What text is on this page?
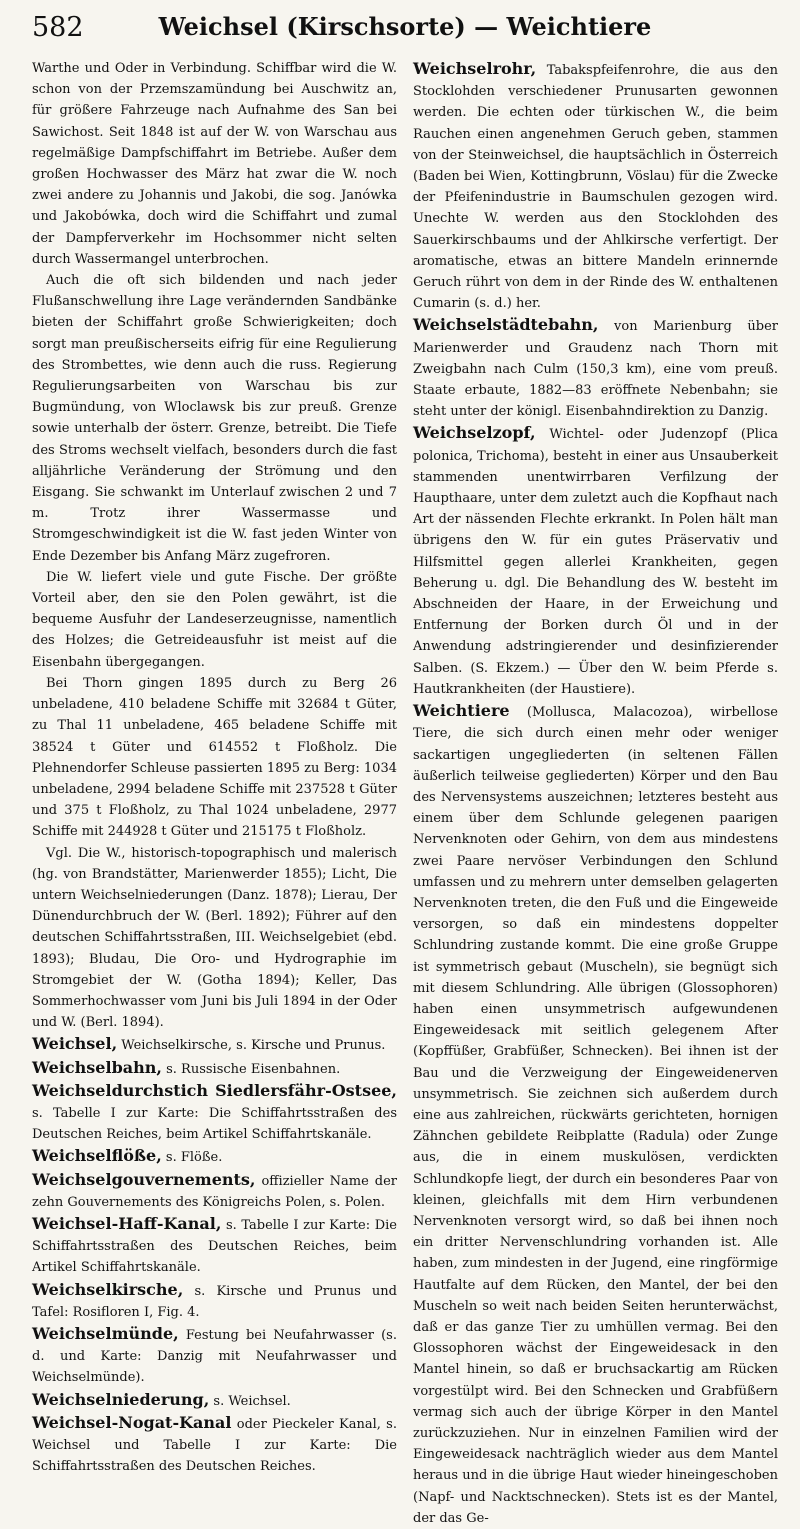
582	Weichsel (Kirschsorte) — Weichtiere

Warthe und Oder in Verbindung. Schiffbar wird die W. schon von der Przemszamündung bei Auschwitz an, für größere Fahrzeuge nach Aufnahme des San bei Sawichost. Seit 1848 ist auf der W. von Warschau aus regelmäßige Dampfschiffahrt im Betriebe. Außer dem großen Hochwasser des März hat zwar die W. noch zwei andere zu Johannis und Jakobi, die sog. Janówka und Jakobówka, doch wird die Schiffahrt und zumal der Dampferverkehr im Hochsommer nicht selten durch Wassermangel unterbrochen.

Auch die oft sich bildenden und nach jeder Flußanschwellung ihre Lage verändernden Sandbänke bieten der Schiffahrt große Schwierigkeiten; doch sorgt man preußischerseits eifrig für eine Regulierung des Strombettes, wie denn auch die russ. Regierung Regulierungsarbeiten von Warschau bis zur Bugmündung, von Wloclawsk bis zur preuß. Grenze sowie unterhalb der österr. Grenze, betreibt. Die Tiefe des Stroms wechselt vielfach, besonders durch die fast alljährliche Veränderung der Strömung und den Eisgang. Sie schwankt im Unterlauf zwischen 2 und 7 m. Trotz ihrer Wassermasse und Stromgeschwindigkeit ist die W. fast jeden Winter von Ende Dezember bis Anfang März zugefroren.

Die W. liefert viele und gute Fische. Der größte Vorteil aber, den sie den Polen gewährt, ist die bequeme Ausfuhr der Landeserzeugnisse, namentlich des Holzes; die Getreideausfuhr ist meist auf die Eisenbahn übergegangen.

Bei Thorn gingen 1895 durch zu Berg 26 unbeladene, 410 beladene Schiffe mit 32684 t Güter, zu Thal 11 unbeladene, 465 beladene Schiffe mit 38524 t Güter und 614552 t Floßholz. Die Plehnendorfer Schleuse passierten 1895 zu Berg: 1034 unbeladene, 2994 beladene Schiffe mit 237528 t Güter und 375 t Floßholz, zu Thal 1024 unbeladene, 2977 Schiffe mit 244928 t Güter und 215175 t Floßholz.

Vgl. Die W., historisch-topographisch und malerisch (hg. von Brandstätter, Marienwerder 1855); Licht, Die untern Weichselniederungen (Danz. 1878); Lierau, Der Dünendurchbruch der W. (Berl. 1892); Führer auf den deutschen Schiffahrtsstraßen, III. Weichselgebiet (ebd. 1893); Bludau, Die Oro- und Hydrographie im Stromgebiet der W. (Gotha 1894); Keller, Das Sommerhochwasser vom Juni bis Juli 1894 in der Oder und W. (Berl. 1894).

Weichsel, Weichselkirsche, s. Kirsche und Prunus.

Weichselbahn, s. Russische Eisenbahnen.

Weichseldurchstich Siedlersfähr-Ostsee, s. Tabelle I zur Karte: Die Schiffahrtsstraßen des Deutschen Reiches, beim Artikel Schiffahrtskanäle.

Weichselflöße, s. Flöße.

Weichselgouvernements, offizieller Name der zehn Gouvernements des Königreichs Polen, s. Polen.

Weichsel-Haff-Kanal, s. Tabelle I zur Karte: Die Schiffahrtsstraßen des Deutschen Reiches, beim Artikel Schiffahrtskanäle.

Weichselkirsche, s. Kirsche und Prunus und Tafel: Rosifloren I, Fig. 4.

Weichselmünde, Festung bei Neufahrwasser (s. d. und Karte: Danzig mit Neufahrwasser und Weichselmünde).

Weichselniederung, s. Weichsel.

Weichsel-Nogat-Kanal oder Pieckeler Kanal, s. Weichsel und Tabelle I zur Karte: Die Schiffahrtsstraßen des Deutschen Reiches.

Weichselrohr, Tabakspfeifenrohre, die aus den Stocklohden verschiedener Prunusarten gewonnen werden. Die echten oder türkischen W., die beim Rauchen einen angenehmen Geruch geben, stammen von der Steinweichsel, die hauptsächlich in Österreich (Baden bei Wien, Kottingbrunn, Vöslau) für die Zwecke der Pfeifenindustrie in Baumschulen gezogen wird. Unechte W. werden aus den Stocklohden des Sauerkirschbaums und der Ahlkirsche verfertigt. Der aromatische, etwas an bittere Mandeln erinnernde Geruch rührt von dem in der Rinde des W. enthaltenen Cumarin (s. d.) her.

Weichselstädtebahn, von Marienburg über Marienwerder und Graudenz nach Thorn mit Zweigbahn nach Culm (150,3 km), eine vom preuß. Staate erbaute, 1882—83 eröffnete Nebenbahn; sie steht unter der königl. Eisenbahndirektion zu Danzig.

Weichselzopf, Wichtel- oder Judenzopf (Plica polonica, Trichoma), besteht in einer aus Unsauberkeit stammenden unentwirrbaren Verfilzung der Haupthaare, unter dem zuletzt auch die Kopfhaut nach Art der nässenden Flechte erkrankt. In Polen hält man übrigens den W. für ein gutes Präservativ und Hilfsmittel gegen allerlei Krankheiten, gegen Beherung u. dgl. Die Behandlung des W. besteht im Abschneiden der Haare, in der Erweichung und Entfernung der Borken durch Öl und in der Anwendung adstringierender und desinfizierender Salben. (S. Ekzem.) — Über den W. beim Pferde s. Hautkrankheiten (der Haustiere).

Weichtiere (Mollusca, Malacozoa), wirbellose Tiere, die sich durch einen mehr oder weniger sackartigen ungegliederten (in seltenen Fällen äußerlich teilweise gegliederten) Körper und den Bau des Nervensystems auszeichnen; letzteres besteht aus einem über dem Schlunde gelegenen paarigen Nervenknoten oder Gehirn, von dem aus mindestens zwei Paare nervöser Verbindungen den Schlund umfassen und zu mehrern unter demselben gelagerten Nervenknoten treten, die den Fuß und die Eingeweide versorgen, so daß ein mindestens doppelter Schlundring zustande kommt. Die eine große Gruppe ist symmetrisch gebaut (Muscheln), sie begnügt sich mit diesem Schlundring. Alle übrigen (Glossophoren) haben einen unsymmetrisch aufgewundenen Eingeweidesack mit seitlich gelegenem After (Kopffüßer, Grabfüßer, Schnecken). Bei ihnen ist der Bau und die Verzweigung der Eingeweidenerven unsymmetrisch. Sie zeichnen sich außerdem durch eine aus zahlreichen, rückwärts gerichteten, hornigen Zähnchen gebildete Reibplatte (Radula) oder Zunge aus, die in einem muskulösen, verdickten Schlundkopfe liegt, der durch ein besonderes Paar von kleinen, gleichfalls mit dem Hirn verbundenen Nervenknoten versorgt wird, so daß bei ihnen noch ein dritter Nervenschlundring vorhanden ist. Alle haben, zum mindesten in der Jugend, eine ringförmige Hautfalte auf dem Rücken, den Mantel, der bei den Muscheln so weit nach beiden Seiten herunterwächst, daß er das ganze Tier zu umhüllen vermag. Bei den Glossophoren wächst der Eingeweidesack in den Mantel hinein, so daß er bruchsackartig am Rücken vorgestülpt wird. Bei den Schnecken und Grabfüßern vermag sich auch der übrige Körper in den Mantel zurückzuziehen. Nur in einzelnen Familien wird der Eingeweidesack nachträglich wieder aus dem Mantel heraus und in die übrige Haut wieder hineingeschoben (Napf- und Nacktschnecken). Stets ist es der Mantel, der das Ge-
